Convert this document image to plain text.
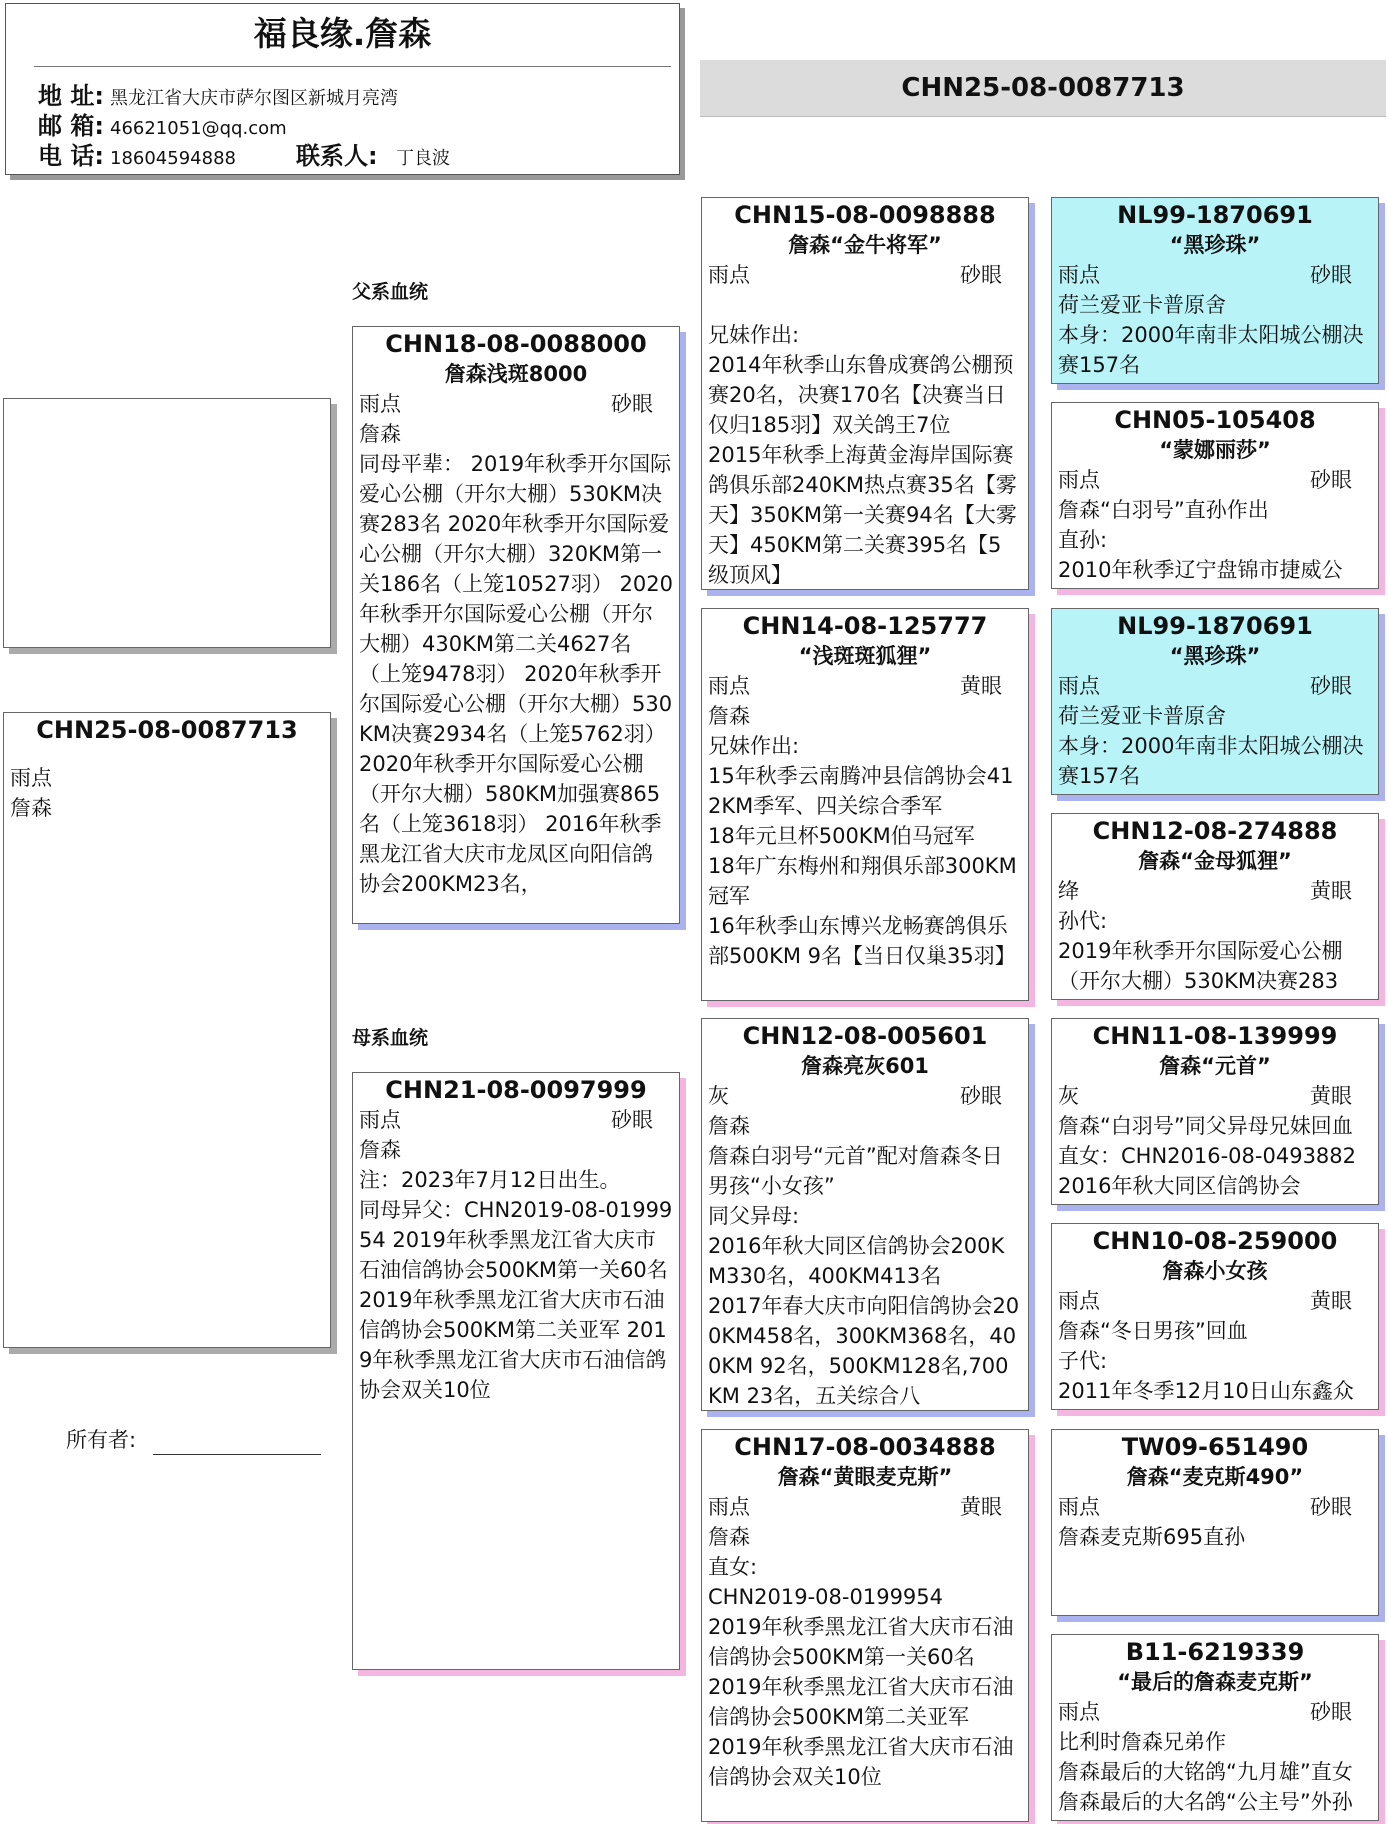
福良缘.詹森
地 址: 黑龙江省大庆市萨尔图区新城月亮湾
邮 箱: 46621051@qq.com
电 话: 18604594888	联系人: 丁良波
CHN25-08-0087713
CHN25-08-0087713
雨点
詹森
所有者:
父系血统
母系血统
CHN18-08-0088000
詹森浅斑8000
雨点	砂眼
詹森
同母平辈： 2019年秋季开尔国际爱心公棚（开尔大棚）530KM决赛283名 2020年秋季开尔国际爱心公棚（开尔大棚）320KM第一关186名（上笼10527羽） 2020年秋季开尔国际爱心公棚（开尔大棚）430KM第二关4627名（上笼9478羽） 2020年秋季开尔国际爱心公棚（开尔大棚）530KM决赛2934名（上笼5762羽） 2020年秋季开尔国际爱心公棚（开尔大棚）580KM加强赛865名（上笼3618羽） 2016年秋季黑龙江省大庆市龙凤区向阳信鸽协会200KM23名，
CHN21-08-0097999
雨点	砂眼
詹森
注：2023年7月12日出生。
同母异父：CHN2019-08-0199954 2019年秋季黑龙江省大庆市石油信鸽协会500KM第一关60名 2019年秋季黑龙江省大庆市石油信鸽协会500KM第二关亚军 2019年秋季黑龙江省大庆市石油信鸽协会双关10位
CHN15-08-0098888
詹森“金牛将军”
雨点	砂眼

兄妹作出:
2014年秋季山东鲁成赛鸽公棚预赛20名，决赛170名【决赛当日仅归185羽】双关鸽王7位
2015年秋季上海黄金海岸国际赛鸽俱乐部240KM热点赛35名【雾天】350KM第一关赛94名【大雾天】450KM第二关赛395名【5级顶风】
CHN14-08-125777
“浅斑斑狐狸”
雨点	黄眼
詹森
兄妹作出:
15年秋季云南腾冲县信鸽协会412KM季军、四关综合季军
18年元旦杯500KM伯马冠军
18年广东梅州和翔俱乐部300KM冠军
16年秋季山东博兴龙畅赛鸽俱乐部500KM 9名【当日仅巢35羽】
CHN12-08-005601
詹森亮灰601
灰	砂眼
詹森
詹森白羽号“元首”配对詹森冬日男孩“小女孩”
同父异母:
2016年秋大同区信鸽协会200KM330名，400KM413名
2017年春大庆市向阳信鸽协会200KM458名，300KM368名，400KM 92名，500KM128名,700KM 23名，五关综合八
CHN17-08-0034888
詹森“黄眼麦克斯”
雨点	黄眼
詹森
直女:
CHN2019-08-0199954
2019年秋季黑龙江省大庆市石油信鸽协会500KM第一关60名
2019年秋季黑龙江省大庆市石油信鸽协会500KM第二关亚军
2019年秋季黑龙江省大庆市石油信鸽协会双关10位
NL99-1870691
“黑珍珠”
雨点	砂眼
荷兰爱亚卡普原舍
本身：2000年南非太阳城公棚决赛157名
CHN05-105408
“蒙娜丽莎”
雨点	砂眼
詹森“白羽号”直孙作出
直孙:
2010年秋季辽宁盘锦市捷威公
NL99-1870691
“黑珍珠”
雨点	砂眼
荷兰爱亚卡普原舍
本身：2000年南非太阳城公棚决赛157名
CHN12-08-274888
詹森“金母狐狸”
绛	黄眼
孙代:
2019年秋季开尔国际爱心公棚（开尔大棚）530KM决赛283
CHN11-08-139999
詹森“元首”
灰	黄眼
詹森“白羽号”同父异母兄妹回血
直女：CHN2016-08-0493882
2016年秋大同区信鸽协会
CHN10-08-259000
詹森小女孩
雨点	黄眼
詹森“冬日男孩”回血
子代:
2011年冬季12月10日山东鑫众
TW09-651490
詹森“麦克斯490”
雨点	砂眼
詹森麦克斯695直孙
B11-6219339
“最后的詹森麦克斯”
雨点	砂眼
比利时詹森兄弟作
詹森最后的大铭鸽“九月雄”直女
詹森最后的大名鸽“公主号”外孙
